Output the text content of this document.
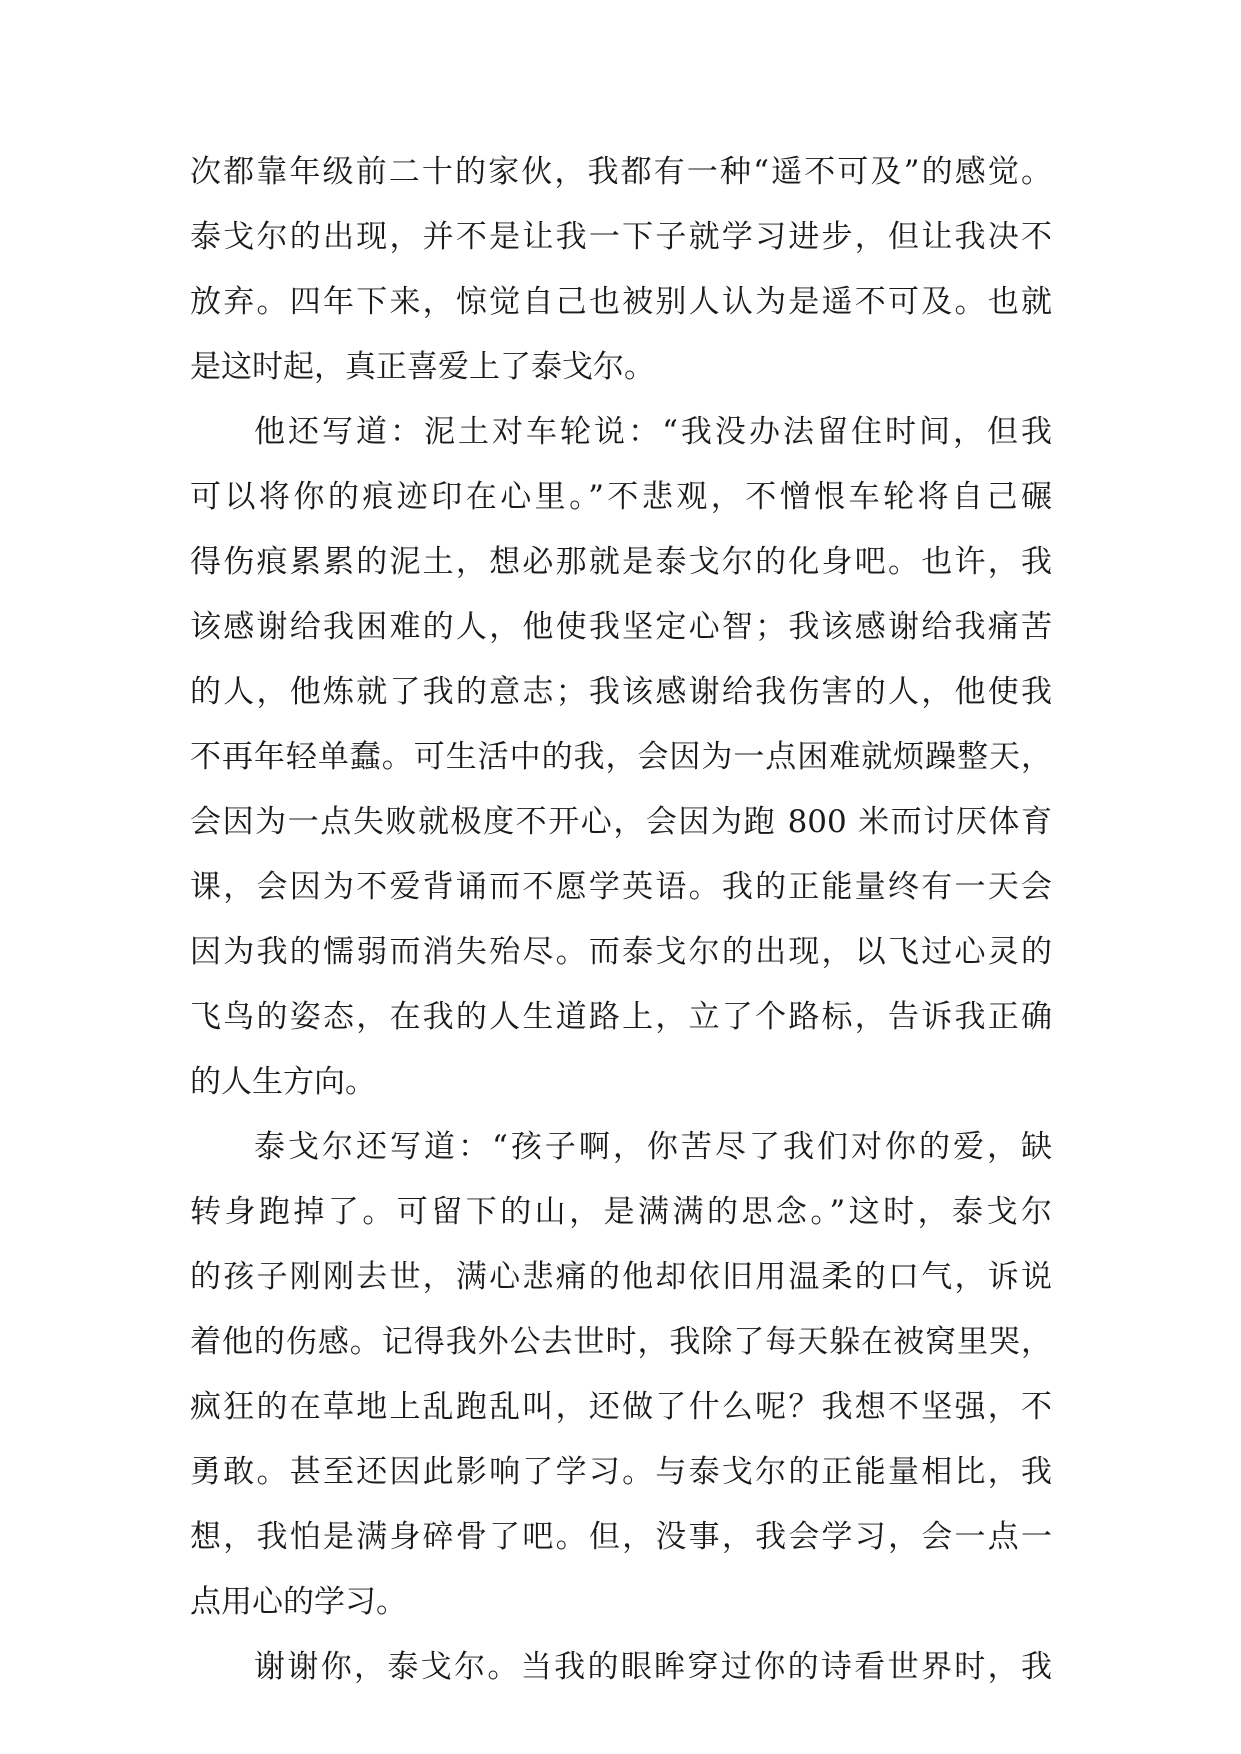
次都靠年级前二十的家伙，我都有一种“遥不可及”的感觉。

泰戈尔的出现，并不是让我一下子就学习进步，但让我决不

放弃。四年下来，惊觉自己也被别人认为是遥不可及。也就

是这时起，真正喜爱上了泰戈尔。

他还写道：泥土对车轮说：“我没办法留住时间，但我

可以将你的痕迹印在心里。”不悲观，不憎恨车轮将自己碾

得伤痕累累的泥土，想必那就是泰戈尔的化身吧。也许，我

该感谢给我困难的人，他使我坚定心智；我该感谢给我痛苦

的人，他炼就了我的意志；我该感谢给我伤害的人，他使我

不再年轻单蠢。可生活中的我，会因为一点困难就烦躁整天，

会因为一点失败就极度不开心，会因为跑 800 米而讨厌体育

课，会因为不爱背诵而不愿学英语。我的正能量终有一天会

因为我的懦弱而消失殆尽。而泰戈尔的出现，以飞过心灵的

飞鸟的姿态，在我的人生道路上，立了个路标，告诉我正确

的人生方向。

泰戈尔还写道：“孩子啊，你苦尽了我们对你的爱，缺

转身跑掉了。可留下的山，是满满的思念。”这时，泰戈尔

的孩子刚刚去世，满心悲痛的他却依旧用温柔的口气，诉说

着他的伤感。记得我外公去世时，我除了每天躲在被窝里哭，

疯狂的在草地上乱跑乱叫，还做了什么呢？我想不坚强，不

勇敢。甚至还因此影响了学习。与泰戈尔的正能量相比，我

想，我怕是满身碎骨了吧。但，没事，我会学习，会一点一

点用心的学习。

谢谢你，泰戈尔。当我的眼眸穿过你的诗看世界时，我
